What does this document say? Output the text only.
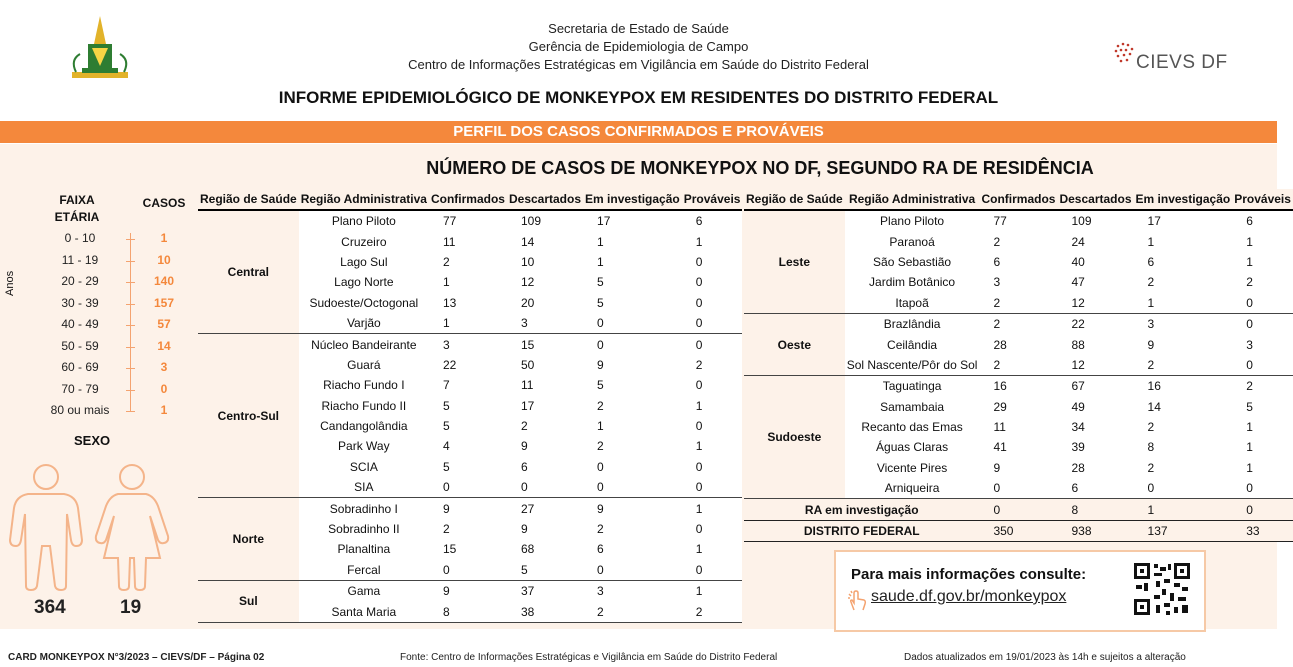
Secretaria de Estado de Saúde
Gerência de Epidemiologia de Campo
Centro de Informações Estratégicas em Vigilância em Saúde do Distrito Federal	CIEVS DF
INFORME EPIDEMIOLÓGICO DE MONKEYPOX EM RESIDENTES DO DISTRITO FEDERAL
PERFIL DOS CASOS CONFIRMADOS E PROVÁVEIS
NÚMERO DE CASOS DE MONKEYPOX NO DF, SEGUNDO RA DE RESIDÊNCIA
FAIXA
ETÁRIA
CASOS
Anos
0 - 10	1
11 - 19	10
20 - 29	140
30 - 39	157
40 - 49	57
50 - 59	14
60 - 69	3
70 - 79	0
80 ou mais	1
SEXO
364	19
Região de Saúde	Região Administrativa	Confirmados	Descartados	Em investigação	Prováveis
Central	Plano Piloto	77	109	17	6
	Cruzeiro	11	14	1	1
	Lago Sul	2	10	1	0
	Lago Norte	1	12	5	0
	Sudoeste/Octogonal	13	20	5	0
	Varjão	1	3	0	0
Centro-Sul	Núcleo Bandeirante	3	15	0	0
	Guará	22	50	9	2
	Riacho Fundo I	7	11	5	0
	Riacho Fundo II	5	17	2	1
	Candangolândia	5	2	1	0
	Park Way	4	9	2	1
	SCIA	5	6	0	0
	SIA	0	0	0	0
Norte	Sobradinho I	9	27	9	1
	Sobradinho II	2	9	2	0
	Planaltina	15	68	6	1
	Fercal	0	5	0	0
Sul	Gama	9	37	3	1
	Santa Maria	8	38	2	2
Região de Saúde	Região Administrativa	Confirmados	Descartados	Em investigação	Prováveis
Leste	Plano Piloto	77	109	17	6
	Paranoá	2	24	1	1
	São Sebastião	6	40	6	1
	Jardim Botânico	3	47	2	2
	Itapoã	2	12	1	0
Oeste	Brazlândia	2	22	3	0
	Ceilândia	28	88	9	3
	Sol Nascente/Pôr do Sol	2	12	2	0
Sudoeste	Taguatinga	16	67	16	2
	Samambaia	29	49	14	5
	Recanto das Emas	11	34	2	1
	Águas Claras	41	39	8	1
	Vicente Pires	9	28	2	1
	Arniqueira	0	6	0	0
RA em investigação		0	8	1	0
DISTRITO FEDERAL		350	938	137	33
Para mais informações consulte:
saude.df.gov.br/monkeypox
CARD MONKEYPOX N°3/2023 – CIEVS/DF – Página 02	Fonte: Centro de Informações Estratégicas e Vigilância em Saúde do Distrito Federal	Dados atualizados em 19/01/2023 às 14h e sujeitos a alteração
